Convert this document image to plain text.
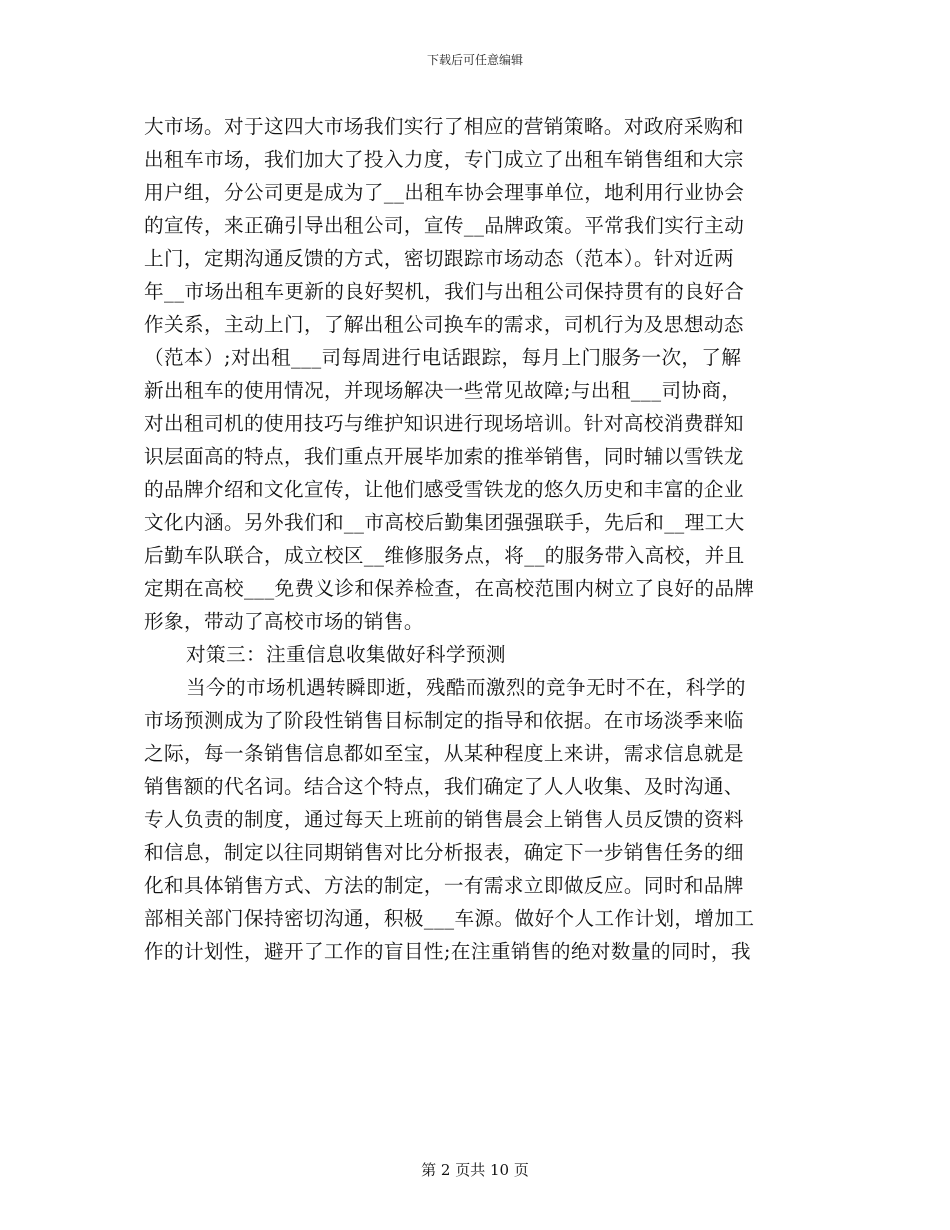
下载后可任意编辑
大市场。对于这四大市场我们实行了相应的营销策略。对政府采购和
出租车市场，我们加大了投入力度，专门成立了出租车销售组和大宗
用户组，分公司更是成为了__出租车协会理事单位，地利用行业协会
的宣传，来正确引导出租公司，宣传__品牌政策。平常我们实行主动
上门，定期沟通反馈的方式，密切跟踪市场动态（范本）。针对近两
年__市场出租车更新的良好契机，我们与出租公司保持贯有的良好合
作关系，主动上门，了解出租公司换车的需求，司机行为及思想动态
（范本）;对出租___司每周进行电话跟踪，每月上门服务一次，了解
新出租车的使用情况，并现场解决一些常见故障;与出租___司协商，
对出租司机的使用技巧与维护知识进行现场培训。针对高校消费群知
识层面高的特点，我们重点开展毕加索的推举销售，同时辅以雪铁龙
的品牌介绍和文化宣传，让他们感受雪铁龙的悠久历史和丰富的企业
文化内涵。另外我们和__市高校后勤集团强强联手，先后和__理工大
后勤车队联合，成立校区__维修服务点，将__的服务带入高校，并且
定期在高校___免费义诊和保养检查，在高校范围内树立了良好的品牌
形象，带动了高校市场的销售。
对策三：注重信息收集做好科学预测
当今的市场机遇转瞬即逝，残酷而激烈的竞争无时不在，科学的
市场预测成为了阶段性销售目标制定的指导和依据。在市场淡季来临
之际，每一条销售信息都如至宝，从某种程度上来讲，需求信息就是
销售额的代名词。结合这个特点，我们确定了人人收集、及时沟通、
专人负责的制度，通过每天上班前的销售晨会上销售人员反馈的资料
和信息，制定以往同期销售对比分析报表，确定下一步销售任务的细
化和具体销售方式、方法的制定，一有需求立即做反应。同时和品牌
部相关部门保持密切沟通，积极___车源。做好个人工作计划，增加工
作的计划性，避开了工作的盲目性;在注重销售的绝对数量的同时，我
第 2 页共 10 页
